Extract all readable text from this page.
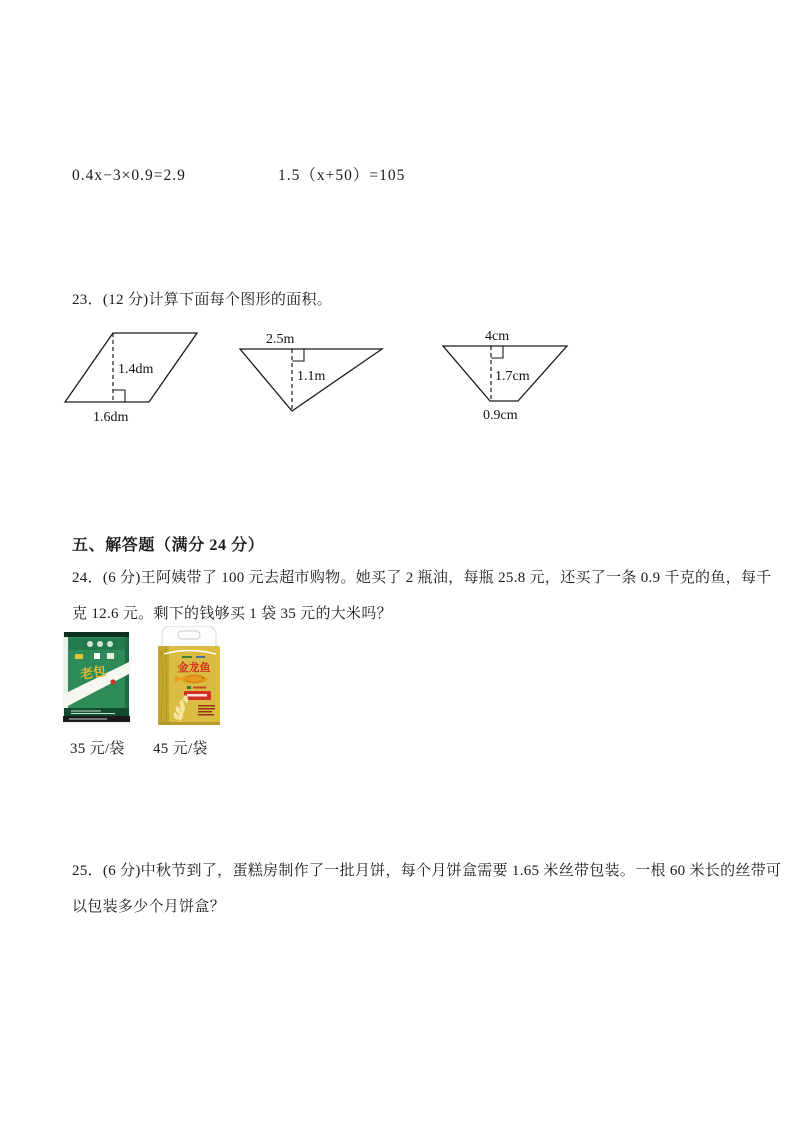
0.4x−3×0.9=2.9	1.5（x+50）=105
23．(12 分)计算下面每个图形的面积。
1.4dm
1.6dm
2.5m
1.1m
4cm
1.7cm
0.9cm
五、解答题（满分 24 分）
24．(6 分)王阿姨带了 100 元去超市购物。她买了 2 瓶油，每瓶 25.8 元，还买了一条 0.9 千克的鱼，每千
克 12.6 元。剩下的钱够买 1 袋 35 元的大米吗？
老包	金龙鱼
35 元/袋 45 元/袋
25．(6 分)中秋节到了，蛋糕房制作了一批月饼，每个月饼盒需要 1.65 米丝带包装。一根 60 米长的丝带可
以包装多少个月饼盒？
